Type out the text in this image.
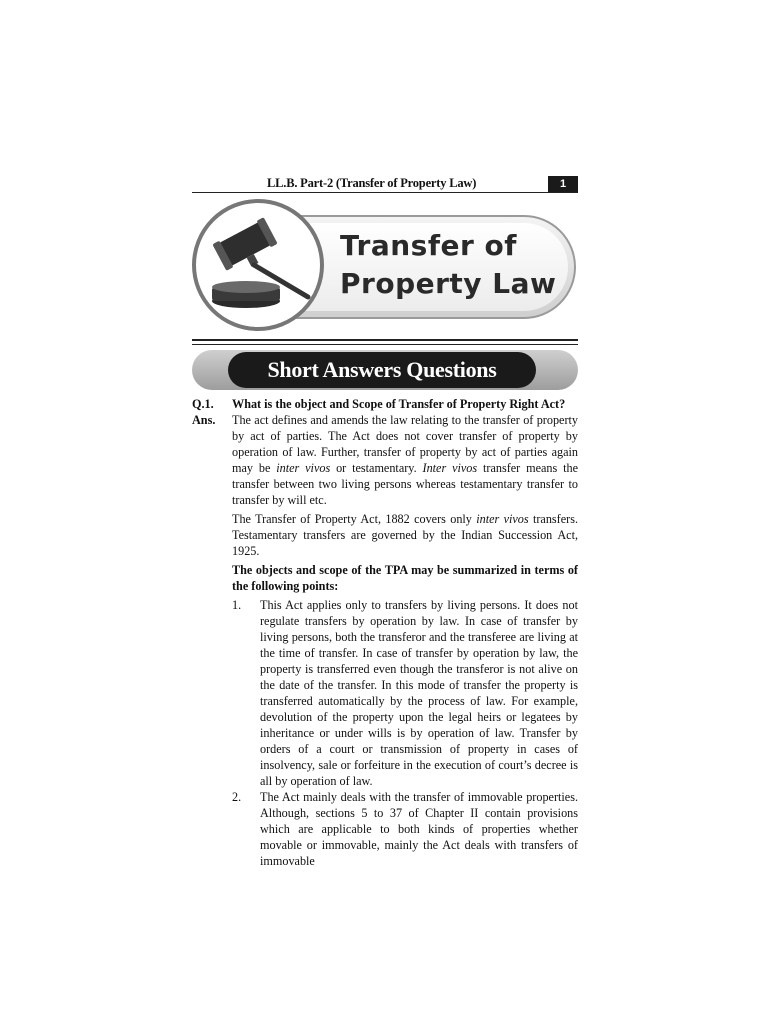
LL.B. Part-2 (Transfer of Property Law)	1
Transfer of
Property Law
Short Answers Questions
Q.1.	What is the object and Scope of Transfer of Property Right Act?
Ans.	The act defines and amends the law relating to the transfer of property by act of parties. The Act does not cover transfer of property by operation of law. Further, transfer of property by act of parties again may be inter vivos or testamentary. Inter vivos transfer means the transfer between two living persons whereas testamentary transfer to transfer by will etc.
The Transfer of Property Act, 1882 covers only inter vivos transfers. Testamentary transfers are governed by the Indian Succession Act, 1925.
The objects and scope of the TPA may be summarized in terms of the following points:
1.	This Act applies only to transfers by living persons. It does not regulate transfers by operation by law. In case of transfer by living persons, both the transferor and the transferee are living at the time of transfer. In case of transfer by operation by law, the property is transferred even though the transferor is not alive on the date of the transfer. In this mode of transfer the property is transferred automatically by the process of law. For example, devolution of the property upon the legal heirs or legatees by inheritance or under wills is by operation of law. Transfer by orders of a court or transmission of property in cases of insolvency, sale or forfeiture in the execution of court’s decree is all by operation of law.
2.	The Act mainly deals with the transfer of immovable properties. Although, sections 5 to 37 of Chapter II contain provisions which are applicable to both kinds of properties whether movable or immovable, mainly the Act deals with transfers of immovable
